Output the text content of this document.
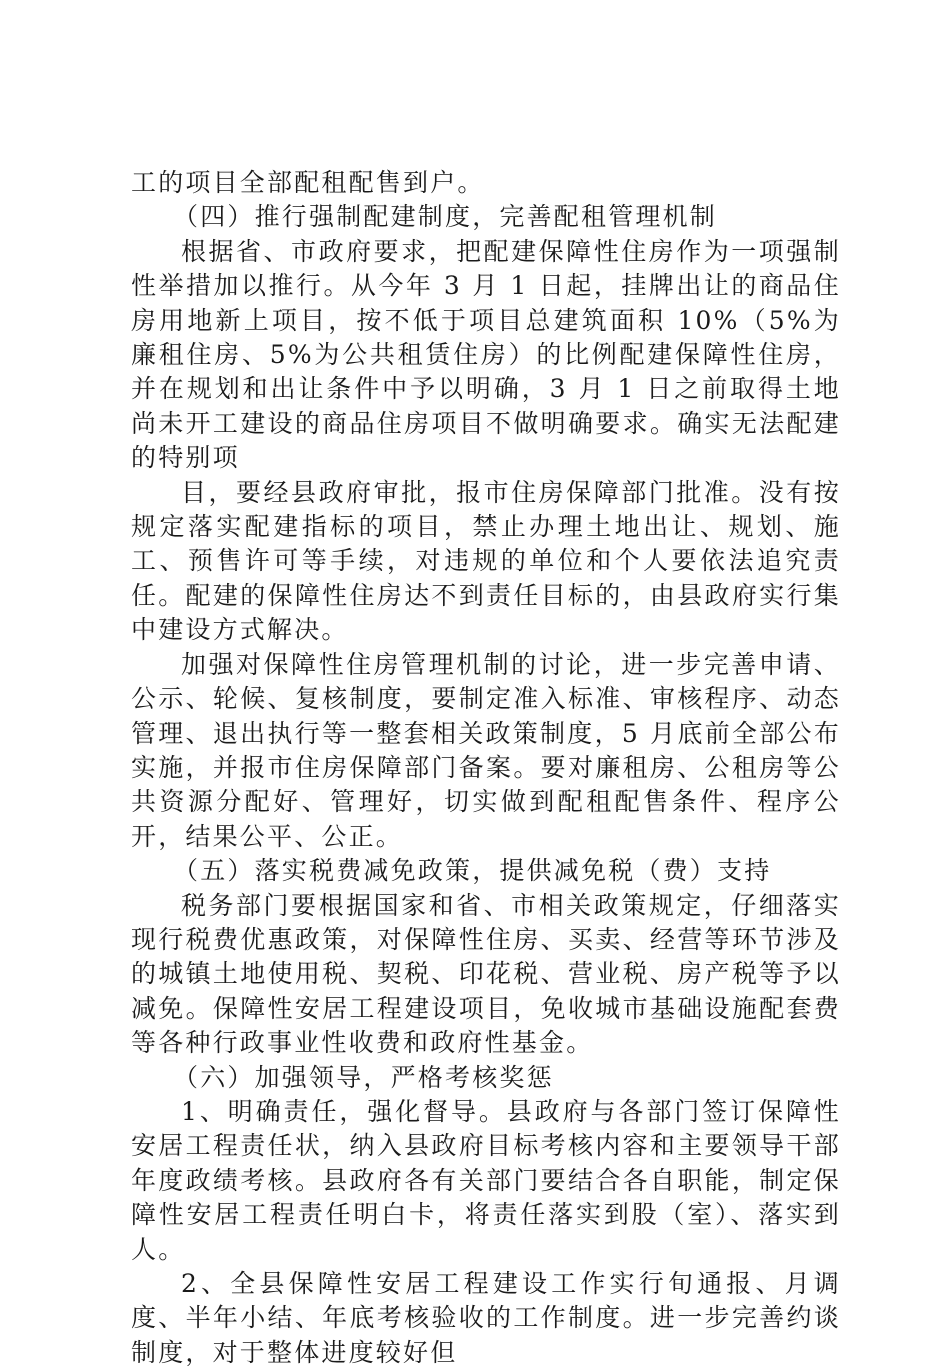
工的项目全部配租配售到户。

（四）推行强制配建制度，完善配租管理机制

根据省、市政府要求，把配建保障性住房作为一项强制性举措加以推行。从今年 3 月 1 日起，挂牌出让的商品住房用地新上项目，按不低于项目总建筑面积 10%（5%为廉租住房、5%为公共租赁住房）的比例配建保障性住房，并在规划和出让条件中予以明确，3 月 1 日之前取得土地尚未开工建设的商品住房项目不做明确要求。确实无法配建的特别项

目，要经县政府审批，报市住房保障部门批准。没有按规定落实配建指标的项目，禁止办理土地出让、规划、施工、预售许可等手续，对违规的单位和个人要依法追究责任。配建的保障性住房达不到责任目标的，由县政府实行集中建设方式解决。

加强对保障性住房管理机制的讨论，进一步完善申请、公示、轮候、复核制度，要制定准入标准、审核程序、动态管理、退出执行等一整套相关政策制度，5 月底前全部公布实施，并报市住房保障部门备案。要对廉租房、公租房等公共资源分配好、管理好，切实做到配租配售条件、程序公开，结果公平、公正。

（五）落实税费减免政策，提供减免税（费）支持

税务部门要根据国家和省、市相关政策规定，仔细落实现行税费优惠政策，对保障性住房、买卖、经营等环节涉及的城镇土地使用税、契税、印花税、营业税、房产税等予以减免。保障性安居工程建设项目，免收城市基础设施配套费等各种行政事业性收费和政府性基金。

（六）加强领导，严格考核奖惩

1、明确责任，强化督导。县政府与各部门签订保障性安居工程责任状，纳入县政府目标考核内容和主要领导干部年度政绩考核。县政府各有关部门要结合各自职能，制定保障性安居工程责任明白卡，将责任落实到股（室）、落实到人。

2、全县保障性安居工程建设工作实行旬通报、月调度、半年小结、年底考核验收的工作制度。进一步完善约谈制度，对于整体进度较好但
